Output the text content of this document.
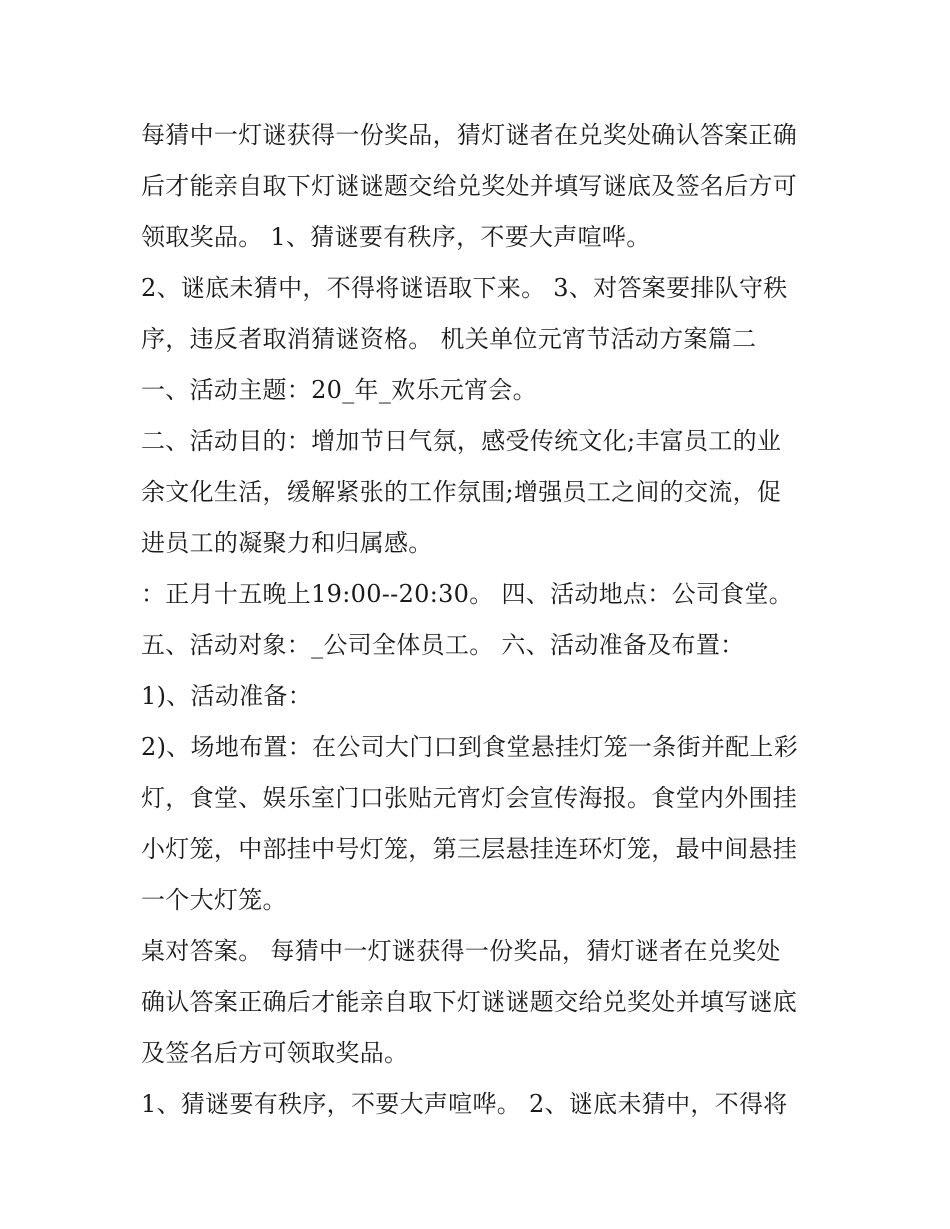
每猜中一灯谜获得一份奖品，猜灯谜者在兑奖处确认答案正确
后才能亲自取下灯谜谜题交给兑奖处并填写谜底及签名后方可
领取奖品。 1、猜谜要有秩序，不要大声喧哗。
2、谜底未猜中，不得将谜语取下来。 3、对答案要排队守秩
序，违反者取消猜谜资格。 机关单位元宵节活动方案篇二
一、活动主题：20_年_欢乐元宵会。
二、活动目的：增加节日气氛，感受传统文化;丰富员工的业
余文化生活，缓解紧张的工作氛围;增强员工之间的交流，促
进员工的凝聚力和归属感。
：正月十五晚上19:00--20:30。 四、活动地点：公司食堂。
五、活动对象：_公司全体员工。 六、活动准备及布置：
1)、活动准备：
2)、场地布置：在公司大门口到食堂悬挂灯笼一条街并配上彩
灯，食堂、娱乐室门口张贴元宵灯会宣传海报。食堂内外围挂
小灯笼，中部挂中号灯笼，第三层悬挂连环灯笼，最中间悬挂
一个大灯笼。
桌对答案。 每猜中一灯谜获得一份奖品，猜灯谜者在兑奖处
确认答案正确后才能亲自取下灯谜谜题交给兑奖处并填写谜底
及签名后方可领取奖品。
1、猜谜要有秩序，不要大声喧哗。 2、谜底未猜中，不得将
